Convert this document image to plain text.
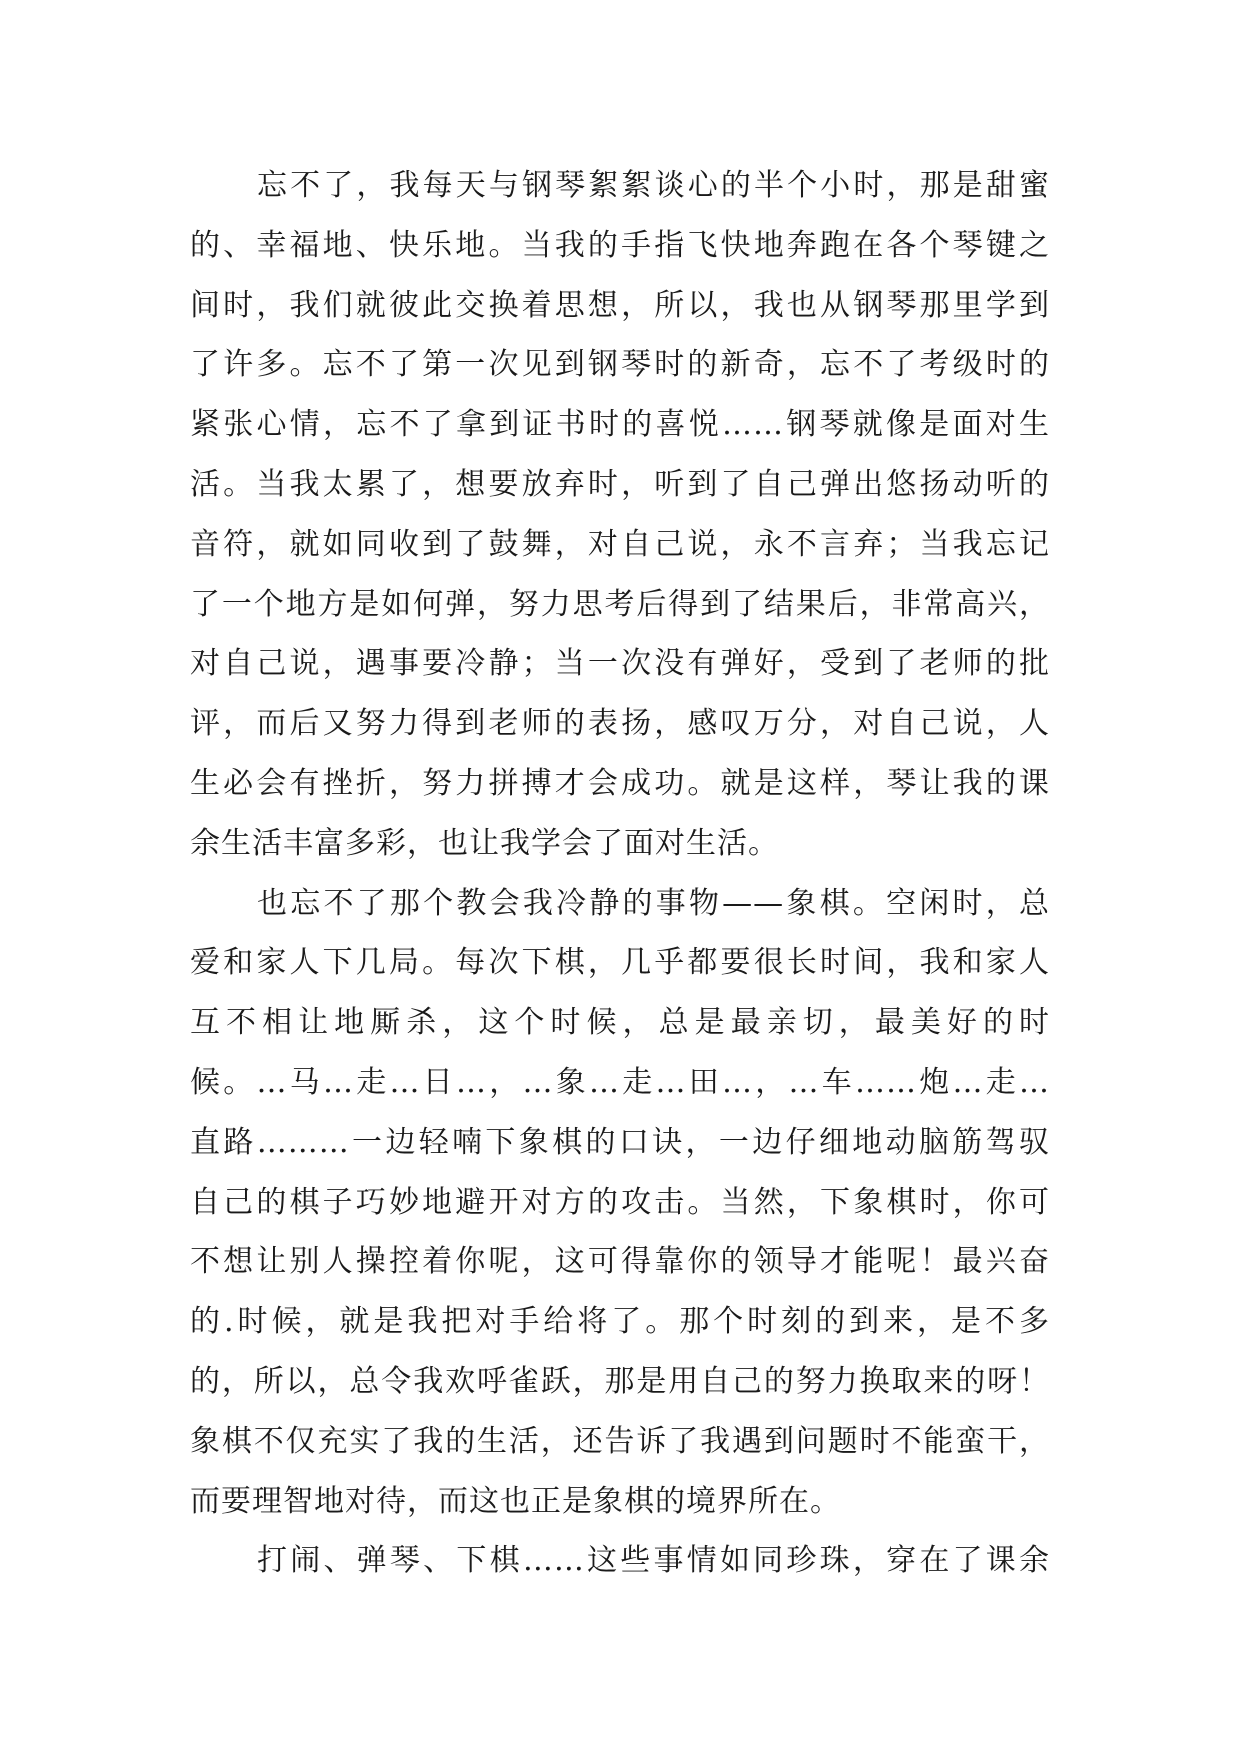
忘不了，我每天与钢琴絮絮谈心的半个小时，那是甜蜜
的、幸福地、快乐地。当我的手指飞快地奔跑在各个琴键之
间时，我们就彼此交换着思想，所以，我也从钢琴那里学到
了许多。忘不了第一次见到钢琴时的新奇，忘不了考级时的
紧张心情，忘不了拿到证书时的喜悦……钢琴就像是面对生
活。当我太累了，想要放弃时，听到了自己弹出悠扬动听的
音符，就如同收到了鼓舞，对自己说，永不言弃；当我忘记
了一个地方是如何弹，努力思考后得到了结果后，非常高兴，
对自己说，遇事要冷静；当一次没有弹好，受到了老师的批
评，而后又努力得到老师的表扬，感叹万分，对自己说，人
生必会有挫折，努力拼搏才会成功。就是这样，琴让我的课
余生活丰富多彩，也让我学会了面对生活。
也忘不了那个教会我冷静的事物——象棋。空闲时，总
爱和家人下几局。每次下棋，几乎都要很长时间，我和家人
互不相让地厮杀，这个时候，总是最亲切，最美好的时
候。…马…走…日…，…象…走…田…，…车……炮…走…
直路………一边轻喃下象棋的口诀，一边仔细地动脑筋驾驭
自己的棋子巧妙地避开对方的攻击。当然，下象棋时，你可
不想让别人操控着你呢，这可得靠你的领导才能呢！最兴奋
的.时候，就是我把对手给将了。那个时刻的到来，是不多
的，所以，总令我欢呼雀跃，那是用自己的努力换取来的呀！
象棋不仅充实了我的生活，还告诉了我遇到问题时不能蛮干，
而要理智地对待，而这也正是象棋的境界所在。
打闹、弹琴、下棋……这些事情如同珍珠，穿在了课余
